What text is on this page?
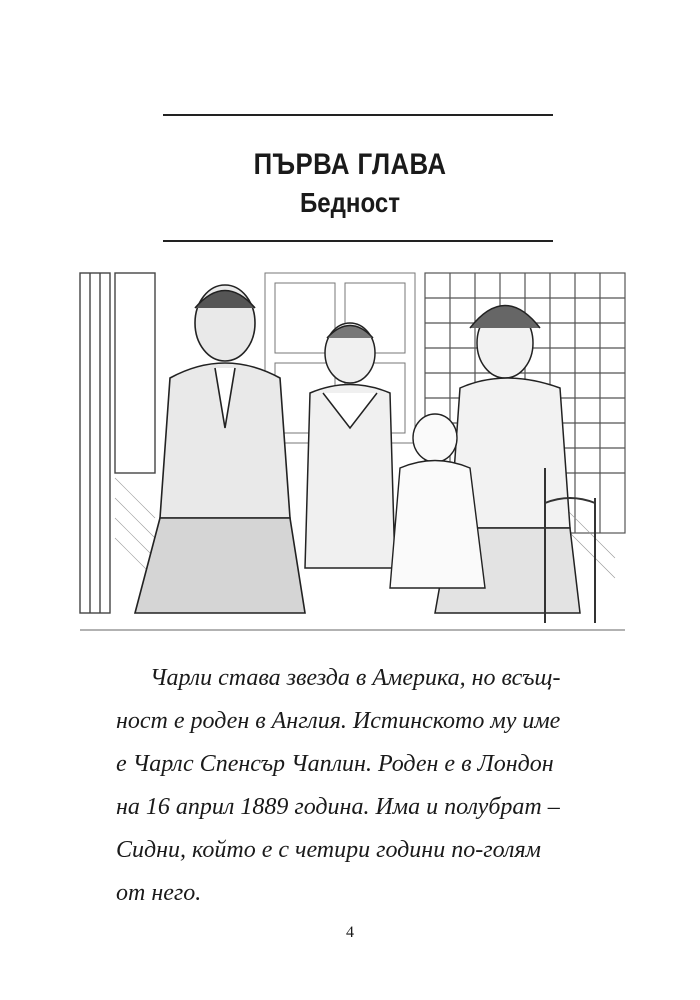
ПЪРВА ГЛАВА
Бедност
Чарли става звезда в Америка, но всъщ-
ност е роден в Англия. Истинското му име
е Чарлс Спенсър Чаплин. Роден е в Лондон
на 16 април 1889 година. Има и полубрат –
Сидни, който е с четири години по-голям
от него.
4
